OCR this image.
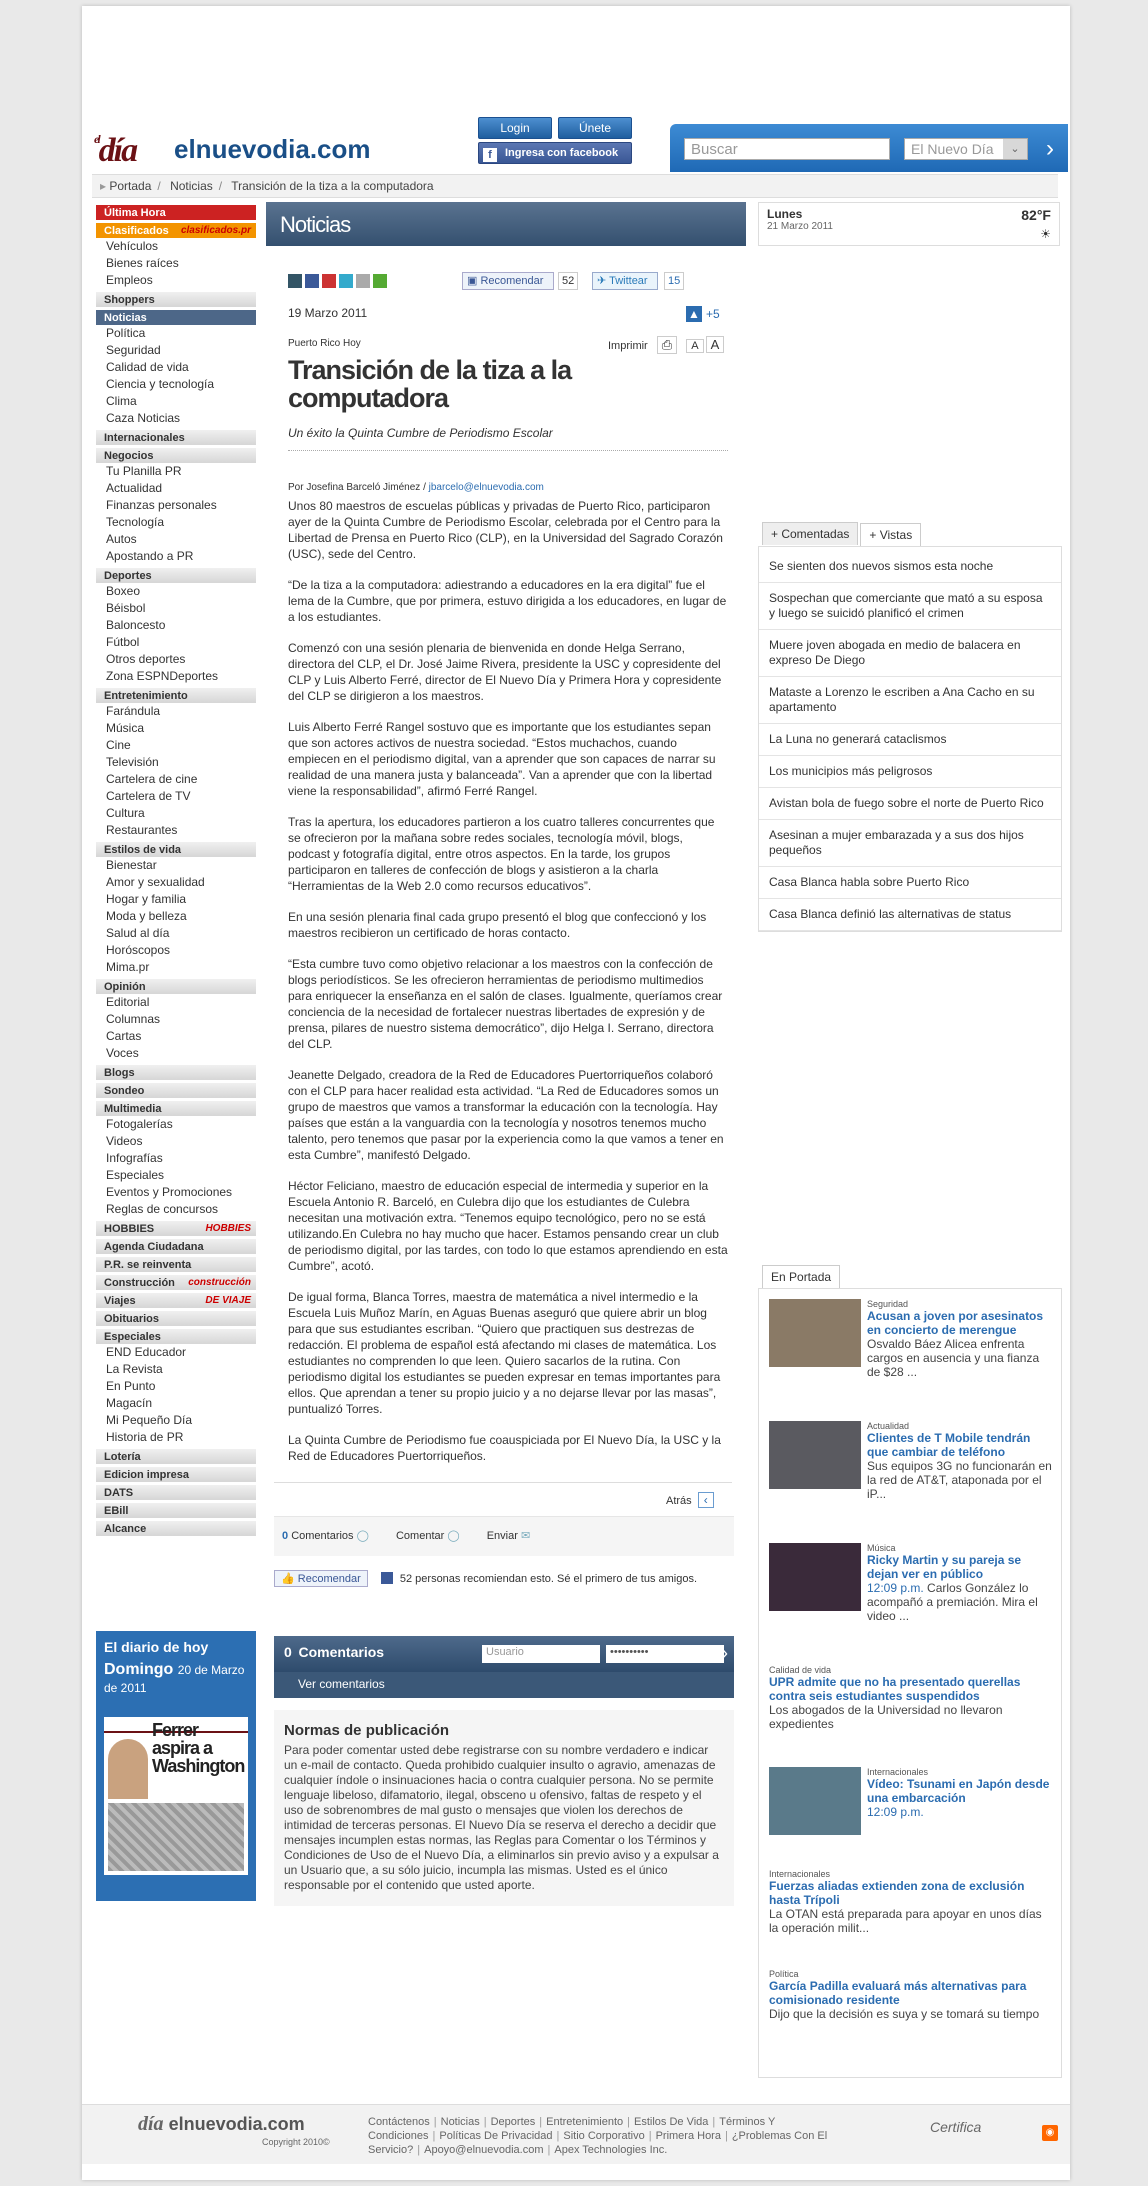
$^{el}$día	elnuevodia.com
Login	Únete
f Ingresa con facebook	Buscar	El Nuevo Día	⌄	›
▸ Portada / Noticias / Transición de la tiza a la computadora
Última Hora
Clasificados	clasificados.pr
Vehículos
Bienes raíces
Empleos
Shoppers
Noticias
Política
Seguridad
Calidad de vida
Ciencia y tecnología
Clima
Caza Noticias
Internacionales
Negocios
Tu Planilla PR
Actualidad
Finanzas personales
Tecnología
Autos
Apostando a PR
Deportes
Boxeo
Béisbol
Baloncesto
Fútbol
Otros deportes
Zona ESPNDeportes
Entretenimiento
Farándula
Música
Cine
Televisión
Cartelera de cine
Cartelera de TV
Cultura
Restaurantes
Estilos de vida
Bienestar
Amor y sexualidad
Hogar y familia
Moda y belleza
Salud al día
Horóscopos
Mima.pr
Opinión
Editorial
Columnas
Cartas
Voces
Blogs
Sondeo
Multimedia
Fotogalerías
Videos
Infografías
Especiales
Eventos y Promociones
Reglas de concursos
HOBBIES	HOBBIES
Agenda Ciudadana
P.R. se reinventa
Construcción	construcción
Viajes	DE VIAJE
Obituarios
Especiales
END Educador
La Revista
En Punto
Magacín
Mi Pequeño Día
Historia de PR
Lotería
Edicion impresa
DATS
EBill
Alcance
El diario de hoy
Domingo 20 de Marzo de 2011
Ferrer aspira a Washington
Noticias
▣ Recomendar	52	✈ Twittear	15
19 Marzo 2011	▲ +5
Puerto Rico Hoy	Imprimir ⎙ A A
Transición de la tiza a la computadora
Un éxito la Quinta Cumbre de Periodismo Escolar
Por Josefina Barceló Jiménez / jbarcelo@elnuevodia.com

Unos 80 maestros de escuelas públicas y privadas de Puerto Rico, participaron ayer de la Quinta Cumbre de Periodismo Escolar, celebrada por el Centro para la Libertad de Prensa en Puerto Rico (CLP), en la Universidad del Sagrado Corazón (USC), sede del Centro.

“De la tiza a la computadora: adiestrando a educadores en la era digital” fue el lema de la Cumbre, que por primera, estuvo dirigida a los educadores, en lugar de a los estudiantes.

Comenzó con una sesión plenaria de bienvenida en donde Helga Serrano, directora del CLP, el Dr. José Jaime Rivera, presidente la USC y copresidente del CLP y Luis Alberto Ferré, director de El Nuevo Día y Primera Hora y copresidente del CLP se dirigieron a los maestros.

Luis Alberto Ferré Rangel sostuvo que es importante que los estudiantes sepan que son actores activos de nuestra sociedad. “Estos muchachos, cuando empiecen en el periodismo digital, van a aprender que son capaces de narrar su realidad de una manera justa y balanceada”. Van a aprender que con la libertad viene la responsabilidad”, afirmó Ferré Rangel.

Tras la apertura, los educadores partieron a los cuatro talleres concurrentes que se ofrecieron por la mañana sobre redes sociales, tecnología móvil, blogs, podcast y fotografía digital, entre otros aspectos. En la tarde, los grupos participaron en talleres de confección de blogs y asistieron a la charla “Herramientas de la Web 2.0 como recursos educativos”.

En una sesión plenaria final cada grupo presentó el blog que confeccionó y los maestros recibieron un certificado de horas contacto.

“Esta cumbre tuvo como objetivo relacionar a los maestros con la confección de blogs periodísticos. Se les ofrecieron herramientas de periodismo multimedios para enriquecer la enseñanza en el salón de clases. Igualmente, queríamos crear conciencia de la necesidad de fortalecer nuestras libertades de expresión y de prensa, pilares de nuestro sistema democrático”, dijo Helga I. Serrano, directora del CLP.

Jeanette Delgado, creadora de la Red de Educadores Puertorriqueños colaboró con el CLP para hacer realidad esta actividad. “La Red de Educadores somos un grupo de maestros que vamos a transformar la educación con la tecnología. Hay países que están a la vanguardia con la tecnología y nosotros tenemos mucho talento, pero tenemos que pasar por la experiencia como la que vamos a tener en esta Cumbre”, manifestó Delgado.

Héctor Feliciano, maestro de educación especial de intermedia y superior en la Escuela Antonio R. Barceló, en Culebra dijo que los estudiantes de Culebra necesitan una motivación extra. “Tenemos equipo tecnológico, pero no se está utilizando.En Culebra no hay mucho que hacer. Estamos pensando crear un club de periodismo digital, por las tardes, con todo lo que estamos aprendiendo en esta Cumbre”, acotó.

De igual forma, Blanca Torres, maestra de matemática a nivel intermedio e la Escuela Luis Muñoz Marín, en Aguas Buenas aseguró que quiere abrir un blog para que sus estudiantes escriban. “Quiero que practiquen sus destrezas de redacción. El problema de español está afectando mi clases de matemática. Los estudiantes no comprenden lo que leen. Quiero sacarlos de la rutina. Con periodismo digital los estudiantes se pueden expresar en temas importantes para ellos. Que aprendan a tener su propio juicio y a no dejarse llevar por las masas”, puntualizó Torres.

La Quinta Cumbre de Periodismo fue coauspiciada por El Nuevo Día, la USC y la Red de Educadores Puertorriqueños.

Atrás ‹
0 Comentarios ◯ Comentar ◯ Enviar ✉
👍 Recomendar	52 personas recomiendan esto. Sé el primero de tus amigos.
0 Comentarios	Usuario	••••••••••	›
Ver comentarios
Normas de publicación

Para poder comentar usted debe registrarse con su nombre verdadero e indicar un e-mail de contacto. Queda prohibido cualquier insulto o agravio, amenazas de cualquier índole o insinuaciones hacia o contra cualquier persona. No se permite lenguaje libeloso, difamatorio, ilegal, obsceno u ofensivo, faltas de respeto y el uso de sobrenombres de mal gusto o mensajes que violen los derechos de intimidad de terceras personas. El Nuevo Día se reserva el derecho a decidir que mensajes incumplen estas normas, las Reglas para Comentar o los Términos y Condiciones de Uso de el Nuevo Día, a eliminarlos sin previo aviso y a expulsar a un Usuario que, a su sólo juicio, incumpla las mismas. Usted es el único responsable por el contenido que usted aporte.

Lunes
21 Marzo 2011
82°F
☀
+ Comentadas + Vistas
Se sienten dos nuevos sismos esta noche
Sospechan que comerciante que mató a su esposa y luego se suicidó planificó el crimen
Muere joven abogada en medio de balacera en expreso De Diego
Mataste a Lorenzo le escriben a Ana Cacho en su apartamento
La Luna no generará cataclismos
Los municipios más peligrosos
Avistan bola de fuego sobre el norte de Puerto Rico
Asesinan a mujer embarazada y a sus dos hijos pequeños
Casa Blanca habla sobre Puerto Rico
Casa Blanca definió las alternativas de status
En Portada
Seguridad
Acusan a joven por asesinatos en concierto de merengue
Osvaldo Báez Alicea enfrenta cargos en ausencia y una fianza de $28 ...
Actualidad
Clientes de T Mobile tendrán que cambiar de teléfono
Sus equipos 3G no funcionarán en la red de AT&T, ataponada por el iP...
Música
Ricky Martin y su pareja se dejan ver en público
12:09 p.m. Carlos González lo acompañó a premiación. Mira el video ...
Calidad de vida
UPR admite que no ha presentado querellas contra seis estudiantes suspendidos
Los abogados de la Universidad no llevaron expedientes
Internacionales
Vídeo: Tsunami en Japón desde una embarcación
12:09 p.m.
Internacionales
Fuerzas aliadas extienden zona de exclusión hasta Trípoli
La OTAN está preparada para apoyar en unos días la operación milit...
Política
García Padilla evaluará más alternativas para comisionado residente
Dijo que la decisión es suya y se tomará su tiempo
día elnuevodia.com
Copyright 2010©
Contáctenos | Noticias | Deportes | Entretenimiento | Estilos De Vida | Términos Y Condiciones | Políticas De Privacidad | Sitio Corporativo | Primera Hora | ¿Problemas Con El Servicio? | Apoyo@elnuevodia.com | Apex Technologies Inc.
Certifica	◉
